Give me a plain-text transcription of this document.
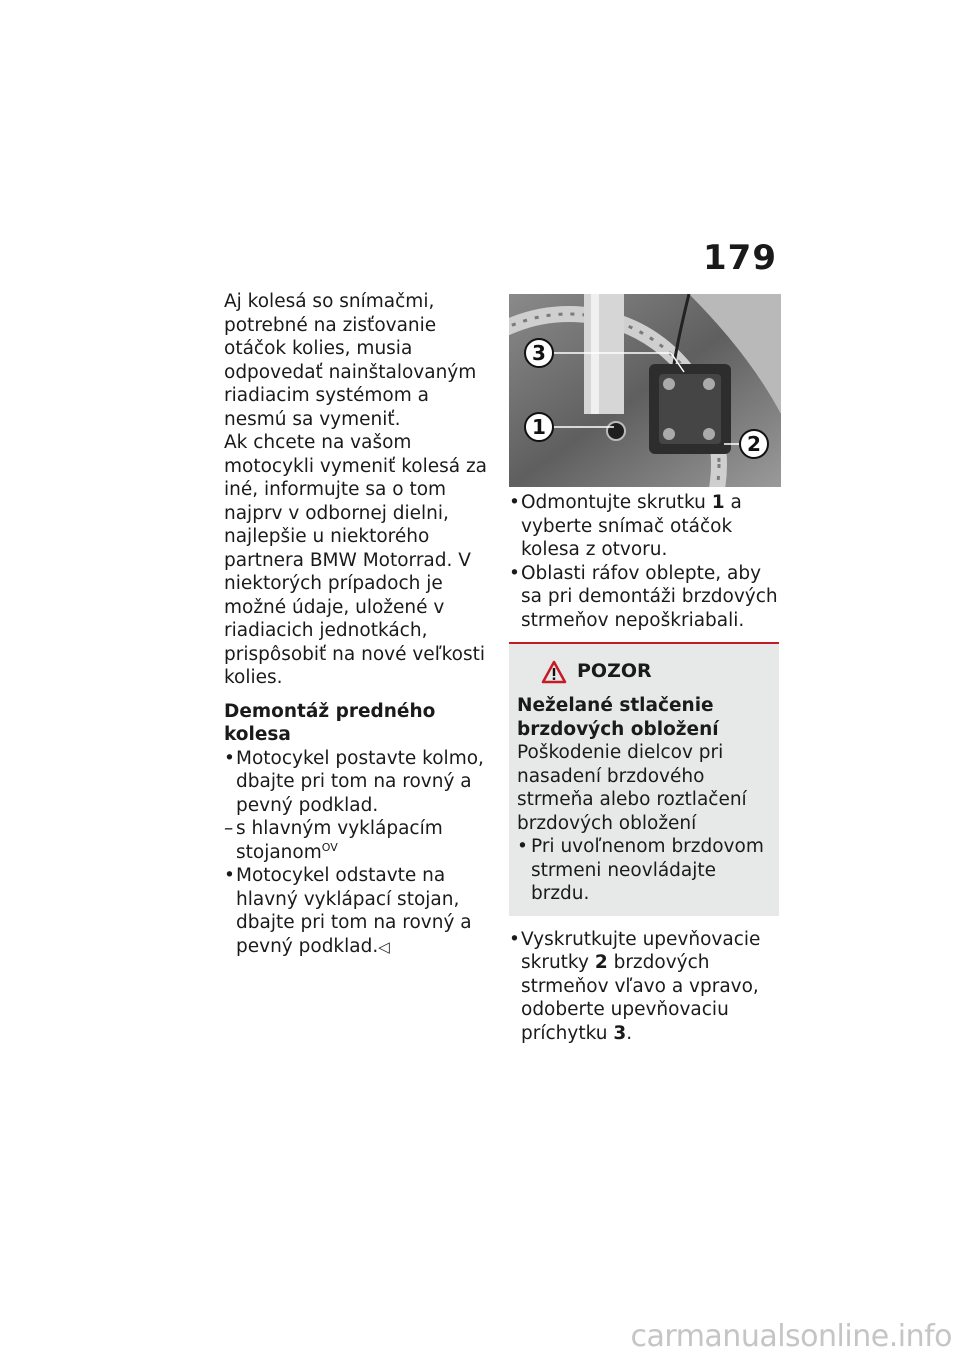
179

Aj kolesá so snímačmi, potrebné na zisťovanie otáčok kolies, musia odpovedať nainštalovaným riadiacim systémom a nesmú sa vymeniť.

Ak chcete na vašom motocykli vymeniť kolesá za iné, informujte sa o tom najprv v odbornej dielni, najlepšie u niektorého partnera BMW Motorrad. V niektorých prípadoch je možné údaje, uložené v riadiacich jednotkách, prispôsobiť na nové veľkosti kolies.

Demontáž predného kolesa

• Motocykel postavte kolmo, dbajte pri tom na rovný a pevný podklad.

– s hlavným vyklápacím stojanom$^{OV}$

• Motocykel odstavte na hlavný vyklápací stojan, dbajte pri tom na rovný a pevný podklad.◁

3
1
2

• Odmontujte skrutku 1 a vyberte snímač otáčok kolesa z otvoru.

• Oblasti ráfov oblepte, aby sa pri demontáži brzdových strmeňov nepoškriabali.

POZOR

Neželané stlačenie brzdových obložení

Poškodenie dielcov pri nasadení brzdového strmeňa alebo roztlačení brzdových obložení

• Pri uvoľnenom brzdovom strmeni neovládajte brzdu.

• Vyskrutkujte upevňovacie skrutky 2 brzdových strmeňov vľavo a vpravo, odoberte upevňovaciu príchytku 3.

carmanualsonline.info
